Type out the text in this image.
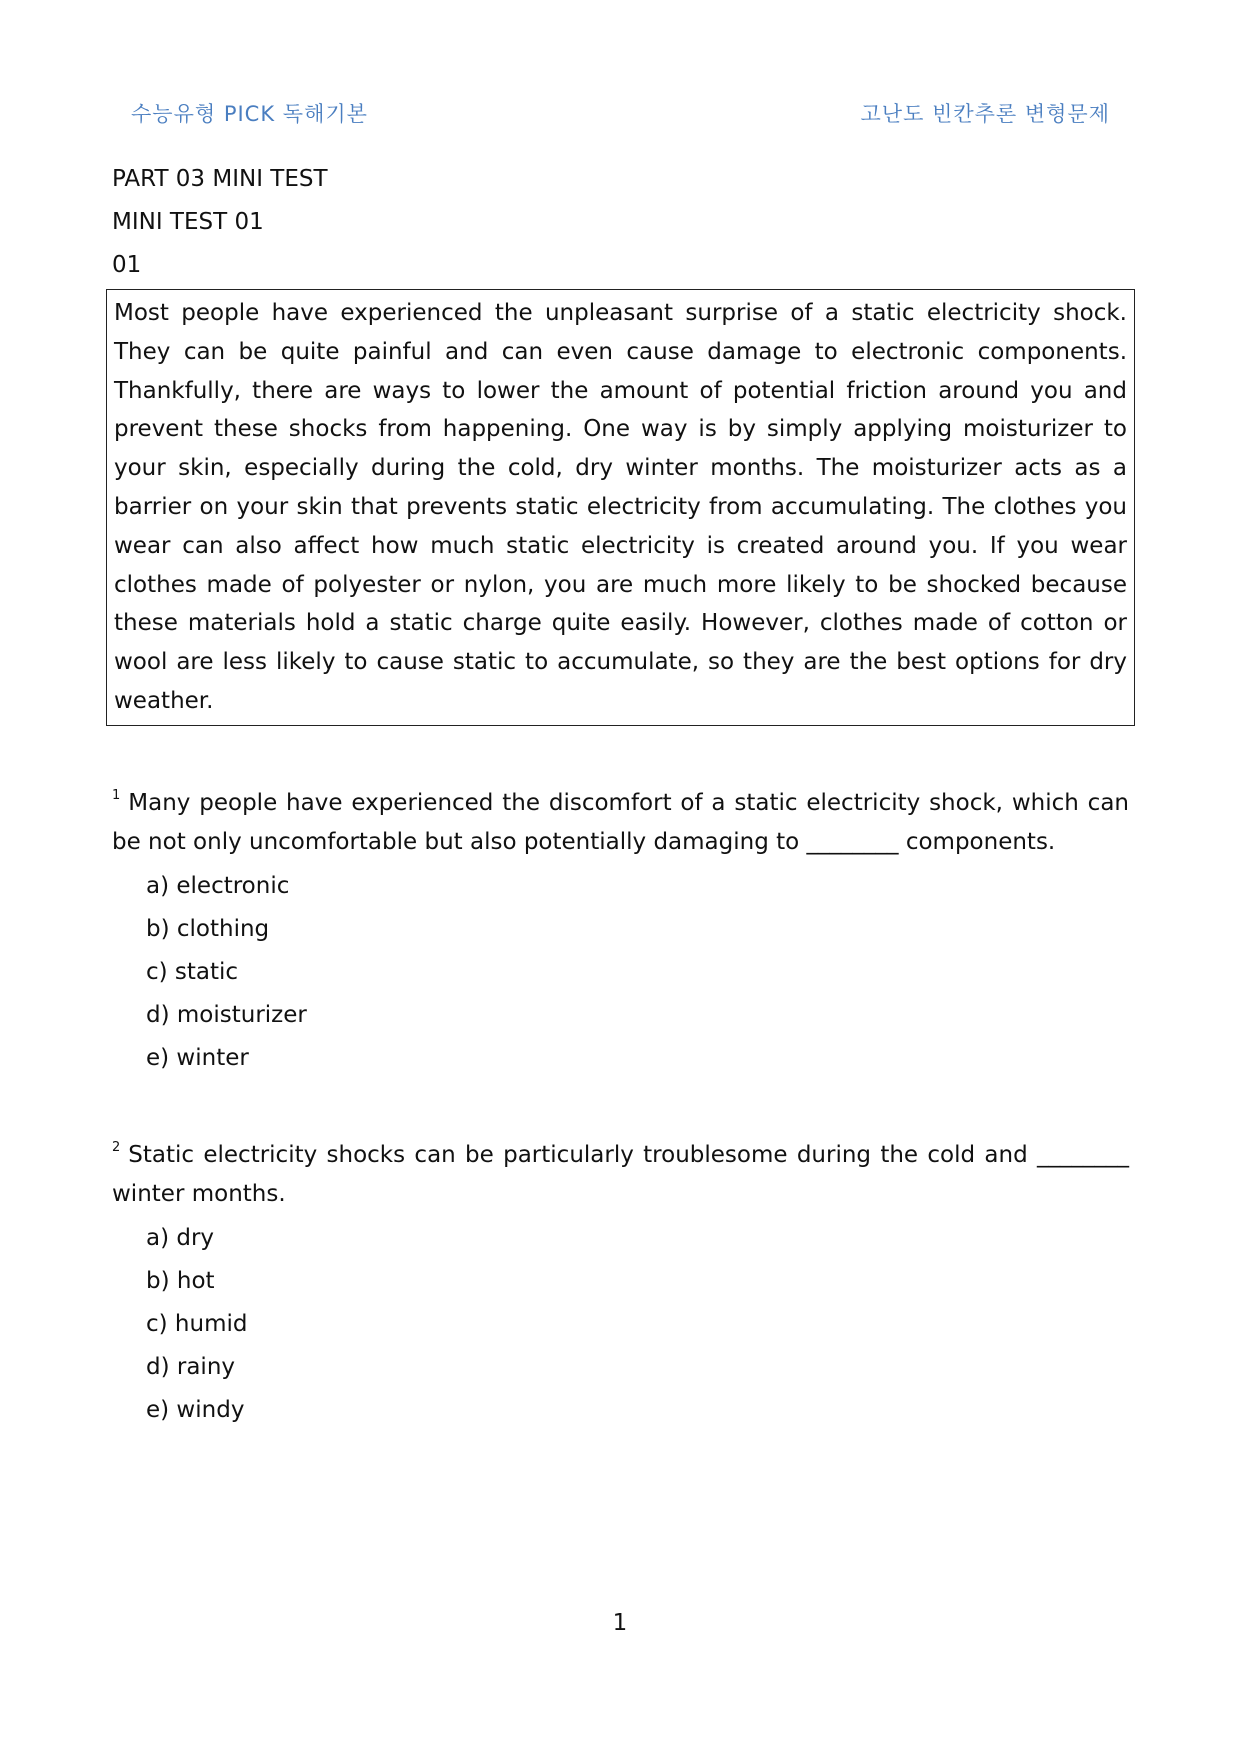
수능유형 PICK 독해기본	고난도 빈칸추론 변형문제

PART 03 MINI TEST

MINI TEST 01

01

Most people have experienced the unpleasant surprise of a static electricity shock. They can be quite painful and can even cause damage to electronic components. Thankfully, there are ways to lower the amount of potential friction around you and prevent these shocks from happening. One way is by simply applying moisturizer to your skin, especially during the cold, dry winter months. The moisturizer acts as a barrier on your skin that prevents static electricity from accumulating. The clothes you wear can also affect how much static electricity is created around you. If you wear clothes made of polyester or nylon, you are much more likely to be shocked because these materials hold a static charge quite easily. However, clothes made of cotton or wool are less likely to cause static to accumulate, so they are the best options for dry weather.

$^1$ Many people have experienced the discomfort of a static electricity shock, which can be not only uncomfortable but also potentially damaging to ________ components.

a) electronic
b) clothing
c) static
d) moisturizer
e) winter

$^2$ Static electricity shocks can be particularly troublesome during the cold and ________ winter months.

a) dry
b) hot
c) humid
d) rainy
e) windy
1
